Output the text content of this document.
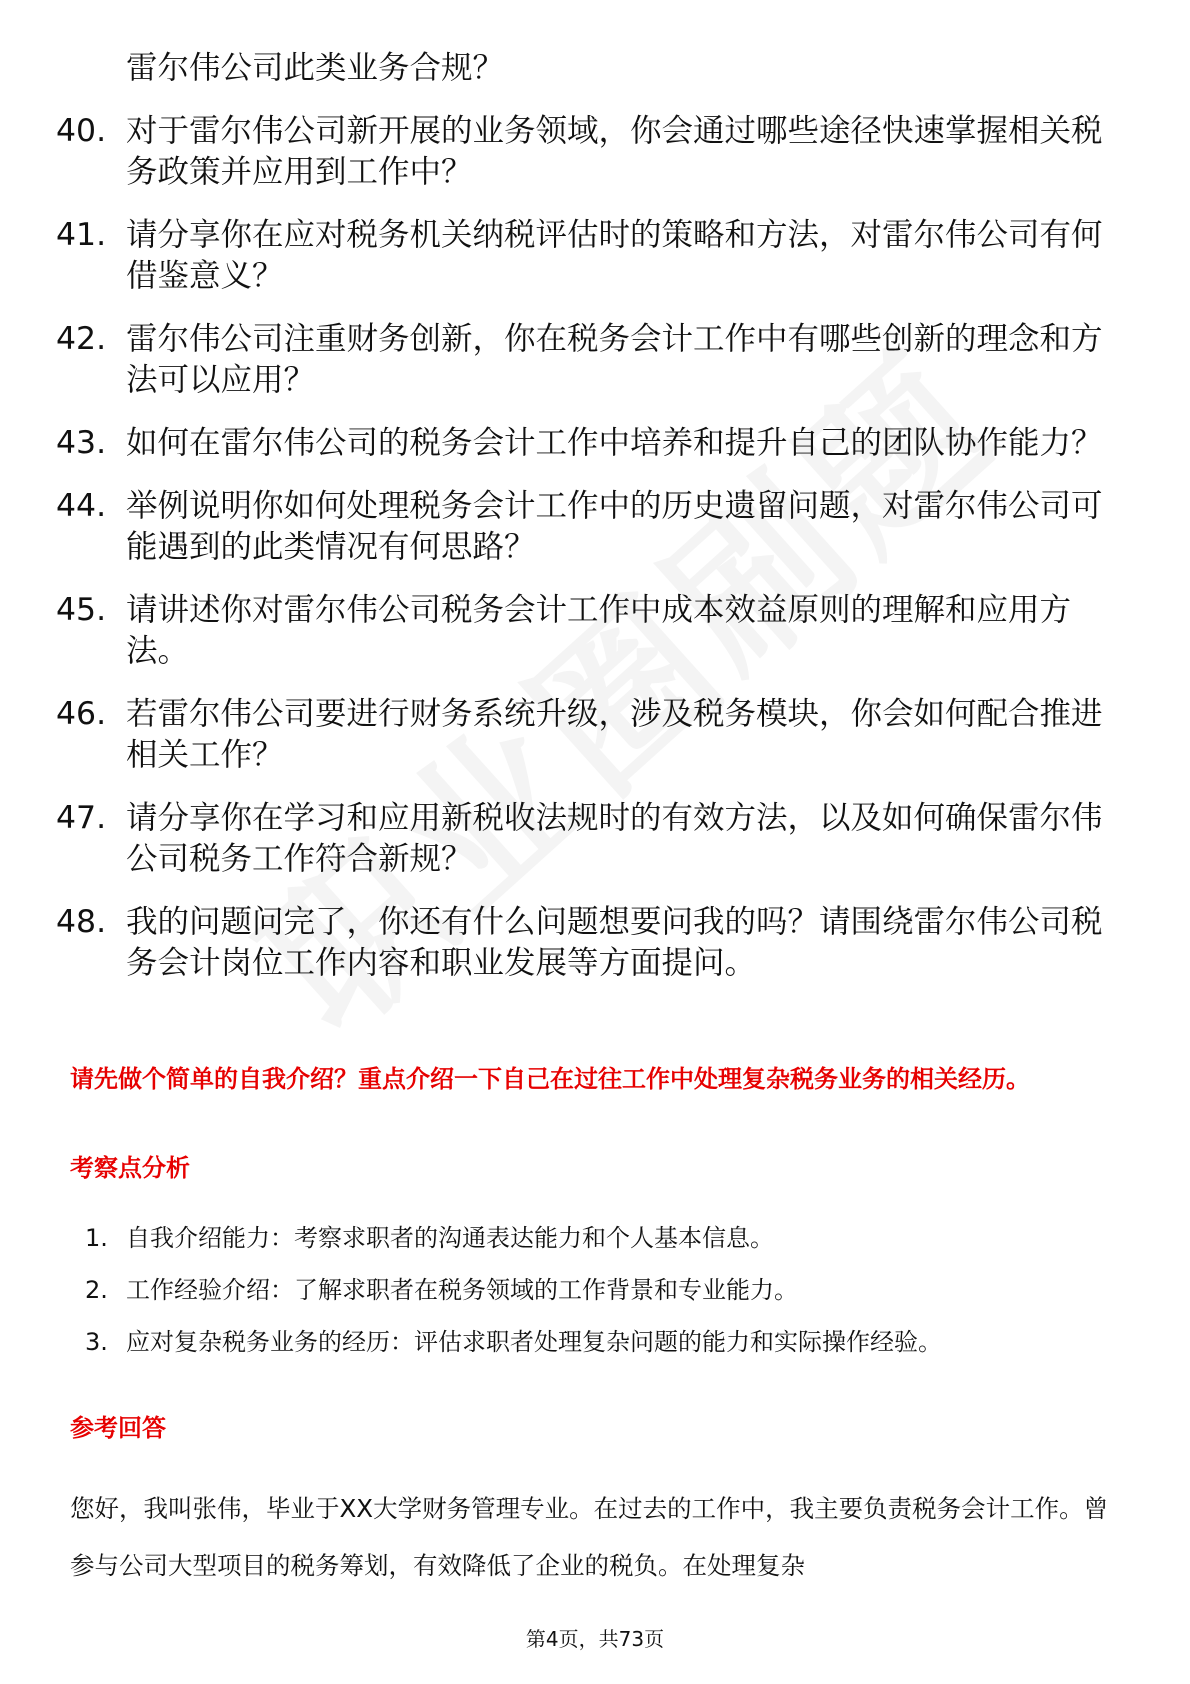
雷尔伟公司此类业务合规？
40. 对于雷尔伟公司新开展的业务领域，你会通过哪些途径快速掌握相关税务政策并应用到工作中？
41. 请分享你在应对税务机关纳税评估时的策略和方法，对雷尔伟公司有何借鉴意义？
42. 雷尔伟公司注重财务创新，你在税务会计工作中有哪些创新的理念和方法可以应用？
43. 如何在雷尔伟公司的税务会计工作中培养和提升自己的团队协作能力？
44. 举例说明你如何处理税务会计工作中的历史遗留问题，对雷尔伟公司可能遇到的此类情况有何思路？
45. 请讲述你对雷尔伟公司税务会计工作中成本效益原则的理解和应用方法。
46. 若雷尔伟公司要进行财务系统升级，涉及税务模块，你会如何配合推进相关工作？
47. 请分享你在学习和应用新税收法规时的有效方法，以及如何确保雷尔伟公司税务工作符合新规？
48. 我的问题问完了，你还有什么问题想要问我的吗？请围绕雷尔伟公司税务会计岗位工作内容和职业发展等方面提问。
请先做个简单的自我介绍？重点介绍一下自己在过往工作中处理复杂税务业务的相关经历。
考察点分析
1. 自我介绍能力：考察求职者的沟通表达能力和个人基本信息。
2. 工作经验介绍：了解求职者在税务领域的工作背景和专业能力。
3. 应对复杂税务业务的经历：评估求职者处理复杂问题的能力和实际操作经验。
参考回答
您好，我叫张伟，毕业于XX大学财务管理专业。在过去的工作中，我主要负责税务会计工作。曾参与公司大型项目的税务筹划，有效降低了企业的税负。在处理复杂
第4页，共73页
